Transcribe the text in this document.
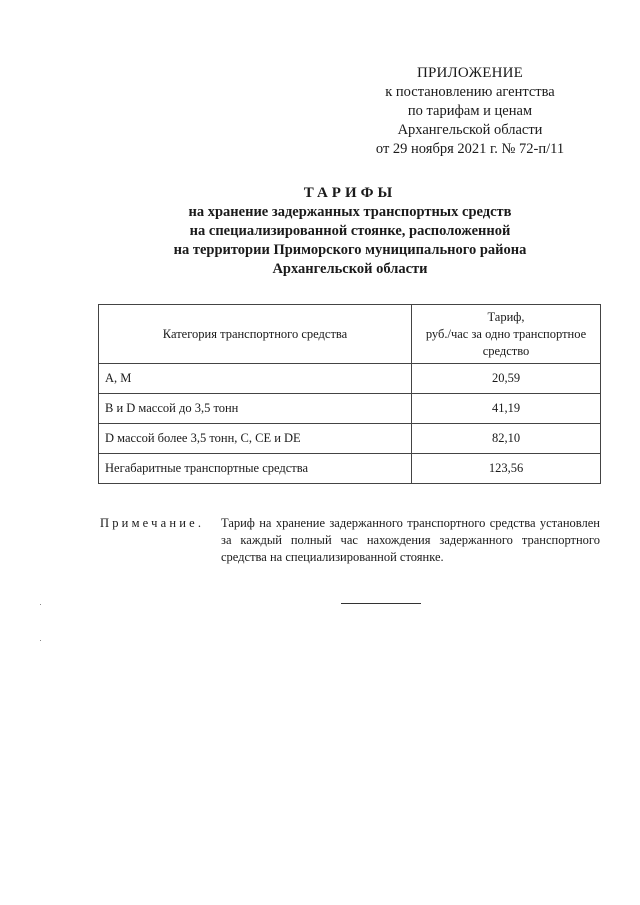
ПРИЛОЖЕНИЕ
к постановлению агентства
по тарифам и ценам
Архангельской области
от 29 ноября 2021 г. № 72-п/11
ТАРИФЫ
на хранение задержанных транспортных средств
на специализированной стоянке, расположенной
на территории Приморского муниципального района
Архангельской области
Категория транспортного средства	Тариф,
руб./час за одно транспортное
средство

A, M	20,59
B и D массой до 3,5 тонн	41,19
D массой более 3,5 тонн, C, CE и DE	82,10
Негабаритные транспортные средства	123,56
Примечание. Тариф на хранение задержанного транспортного средства установлен за каждый полный час нахождения задержанного транспортного средства на специализированной стоянке.
